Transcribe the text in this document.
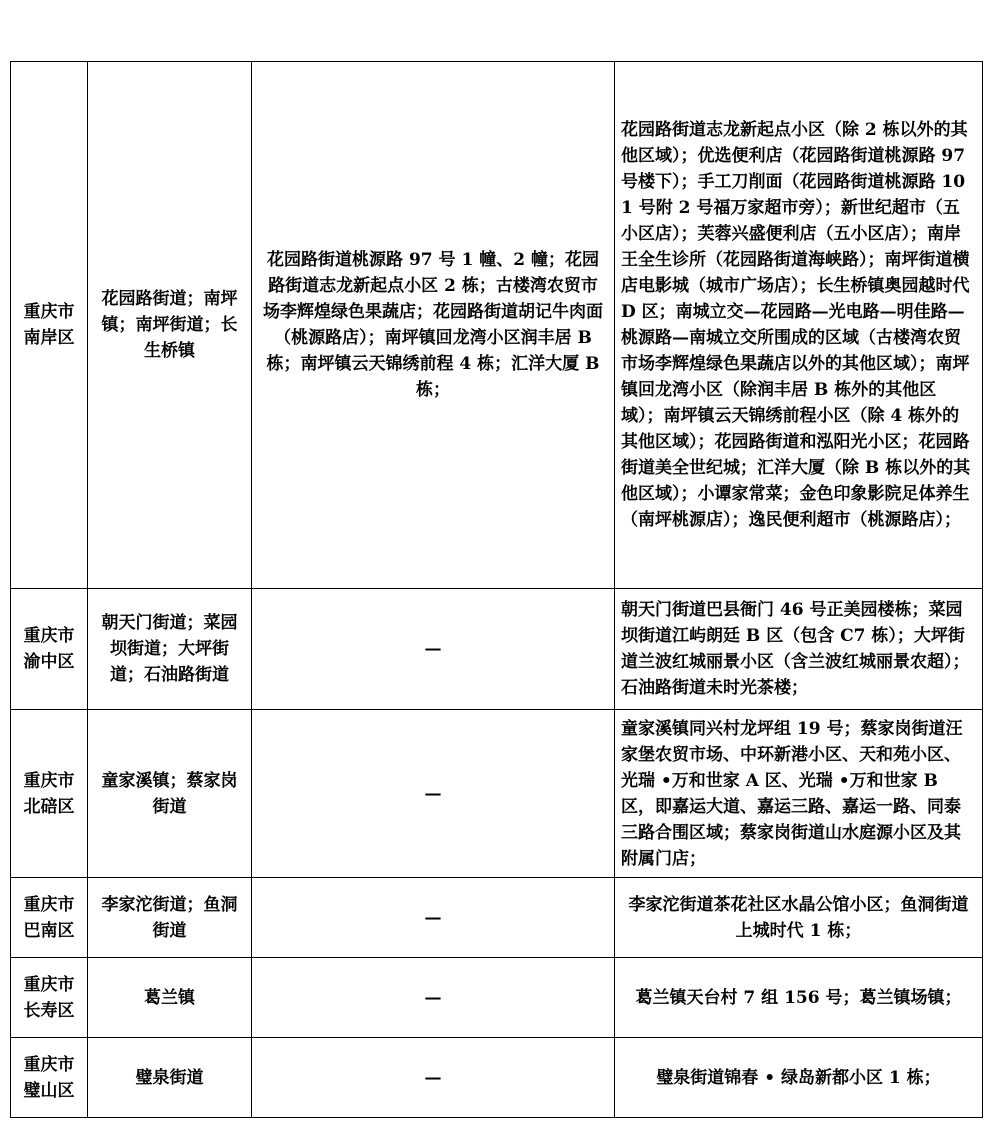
重庆市南岸区	花园路街道；南坪镇；南坪街道；长生桥镇	花园路街道桃源路 97 号 1 幢、2 幢；花园路街道志龙新起点小区 2 栋；古楼湾农贸市场李辉煌绿色果蔬店；花园路街道胡记牛肉面（桃源路店）；南坪镇回龙湾小区润丰居 B 栋；南坪镇云天锦绣前程 4 栋；汇洋大厦 B 栋；	花园路街道志龙新起点小区（除 2 栋以外的其他区域）；优选便利店（花园路街道桃源路 97 号楼下）；手工刀削面（花园路街道桃源路 101 号附 2 号福万家超市旁）；新世纪超市（五小区店）；芙蓉兴盛便利店（五小区店）；南岸王全生诊所（花园路街道海峡路）；南坪街道横店电影城（城市广场店）；长生桥镇奥园越时代 D 区；南城立交—花园路—光电路—明佳路—桃源路—南城立交所围成的区域（古楼湾农贸市场李辉煌绿色果蔬店以外的其他区域）；南坪镇回龙湾小区（除润丰居 B 栋外的其他区域）；南坪镇云天锦绣前程小区（除 4 栋外的其他区域）；花园路街道和泓阳光小区；花园路街道美全世纪城；汇洋大厦（除 B 栋以外的其他区域）；小谭家常菜；金色印象影院足体养生（南坪桃源店）；逸民便利超市（桃源路店）；
重庆市渝中区	朝天门街道；菜园坝街道；大坪街道；石油路街道	—	朝天门街道巴县衙门 46 号正美园楼栋；菜园坝街道江屿朗廷 B 区（包含 C7 栋）；大坪街道兰波红城丽景小区（含兰波红城丽景农超）；石油路街道未时光茶楼；
重庆市北碚区	童家溪镇；蔡家岗街道	—	童家溪镇同兴村龙坪组 19 号；蔡家岗街道汪家堡农贸市场、中环新港小区、天和苑小区、光瑞 •万和世家 A 区、光瑞 •万和世家 B 区，即嘉运大道、嘉运三路、嘉运一路、同泰三路合围区域；蔡家岗街道山水庭源小区及其附属门店；
重庆市巴南区	李家沱街道；鱼洞街道	—	李家沱街道茶花社区水晶公馆小区；鱼洞街道上城时代 1 栋；
重庆市长寿区	葛兰镇	—	葛兰镇天台村 7 组 156 号；葛兰镇场镇；
重庆市璧山区	璧泉街道	—	璧泉街道锦春 • 绿岛新都小区 1 栋；
